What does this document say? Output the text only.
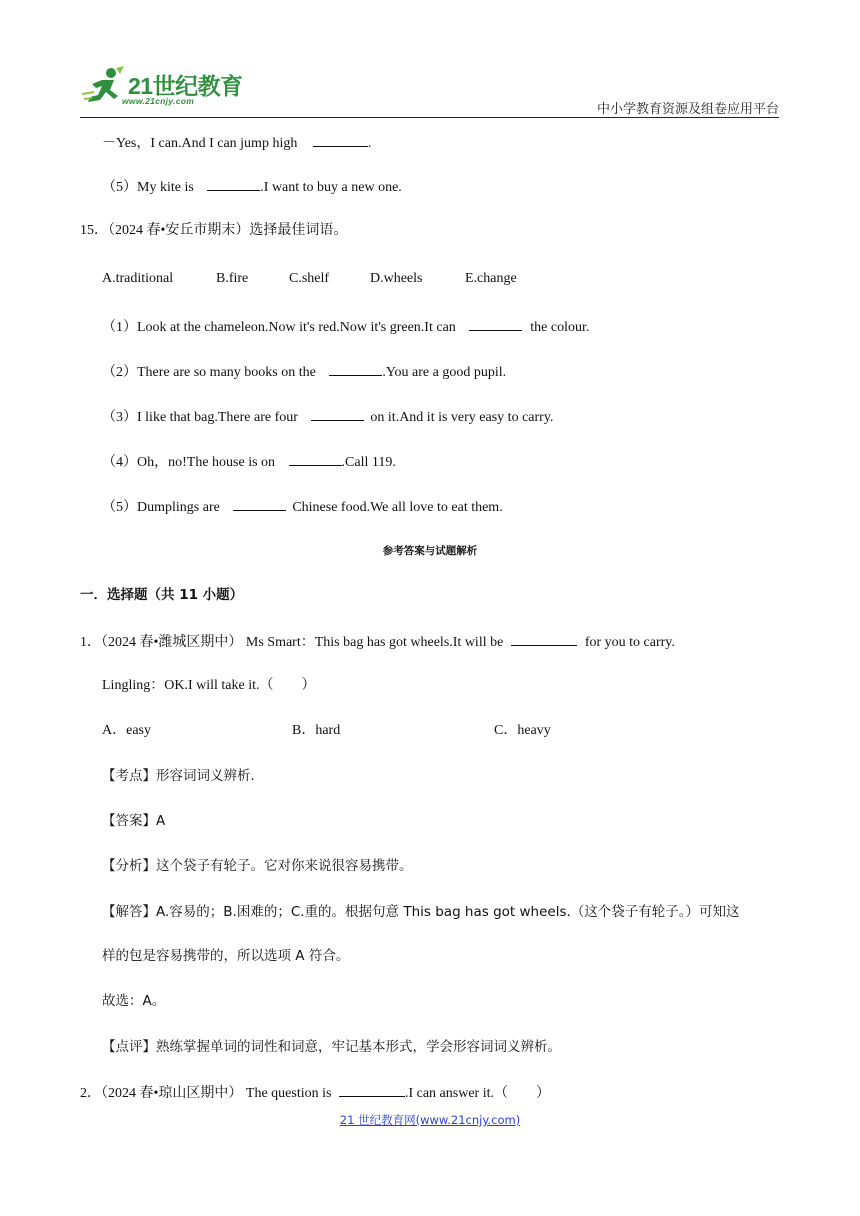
21世纪教育
www.21cnjy.com
中小学教育资源及组卷应用平台
－Yes，I can.And I can jump high	.
（5）My kite is	.I want to buy a new one.
15．（2024 春•安丘市期末）选择最佳词语。
A.traditional	B.fire	C.shelf	D.wheels	E.change
（1）Look at the chameleon.Now it's red.Now it's green.It can	the colour.
（2）There are so many books on the	.You are a good pupil.
（3）I like that bag.There are four	on it.And it is very easy to carry.
（4）Oh，no!The house is on	.Call 119.
（5）Dumplings are	Chinese food.We all love to eat them.
参考答案与试题解析
一．选择题（共 11 小题）
1．（2024 春•潍城区期中） Ms Smart：This bag has got wheels.It will be	for you to carry.
Lingling：OK.I will take it.（　　）
A．easy	B．hard	C．heavy
【考点】形容词词义辨析．
【答案】A
【分析】这个袋子有轮子。它对你来说很容易携带。
【解答】A.容易的；B.困难的；C.重的。根据句意 This bag has got wheels.（这个袋子有轮子。）可知这
样的包是容易携带的，所以选项 A 符合。
故选：A。
【点评】熟练掌握单词的词性和词意，牢记基本形式，学会形容词词义辨析。
2．（2024 春•琼山区期中） The question is	.I can answer it.（　　）
21 世纪教育网(www.21cnjy.com)
